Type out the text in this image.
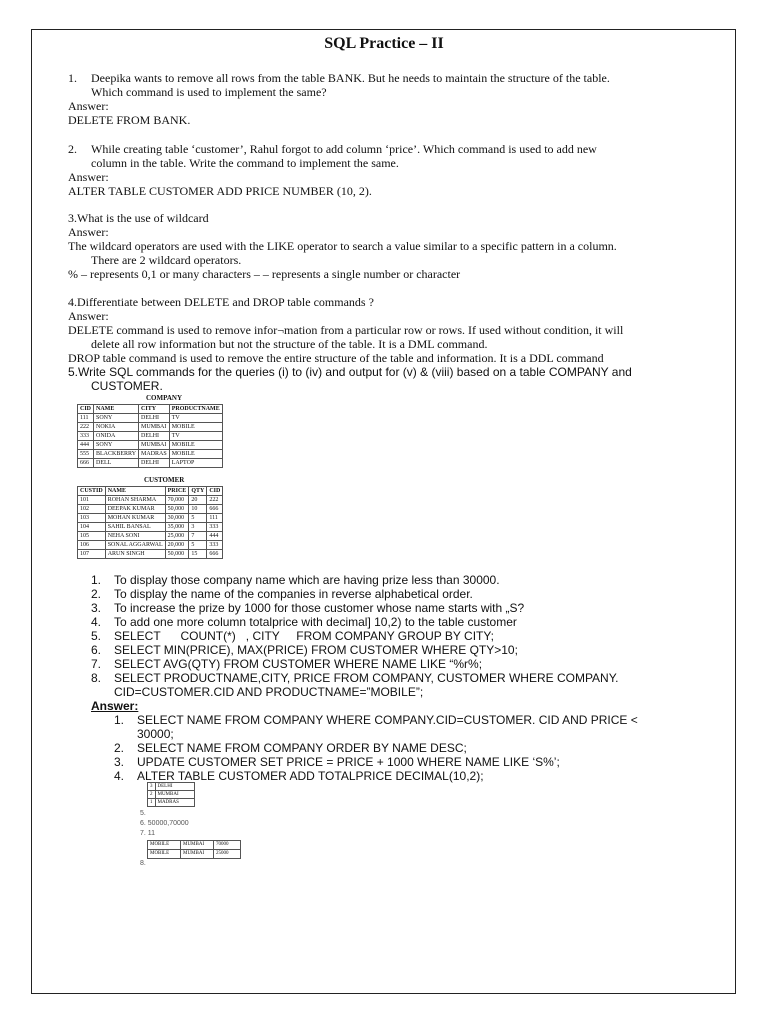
SQL Practice – II
1. Deepika wants to remove all rows from the table BANK. But he needs to maintain the structure of the table.
Which command is used to implement the same?
Answer:
DELETE FROM BANK.
2. While creating table ‘customer’, Rahul forgot to add column ‘price’. Which command is used to add new
column in the table. Write the command to implement the same.
Answer:
ALTER TABLE CUSTOMER ADD PRICE NUMBER (10, 2).
3.What is the use of wildcard
Answer:
The wildcard operators are used with the LIKE operator to search a value similar to a specific pattern in a column.
There are 2 wildcard operators.
% – represents 0,1 or many characters – – represents a single number or character
4.Differentiate between DELETE and DROP table commands ?
Answer:
DELETE command is used to remove infor¬mation from a particular row or rows. If used without condition, it will
delete all row information but not the structure of the table. It is a DML command.
DROP table command is used to remove the entire structure of the table and information. It is a DDL command
5.Write SQL commands for the queries (i) to (iv) and output for (v) & (viii) based on a table COMPANY and
CUSTOMER.
COMPANY
CID	NAME	CITY	PRODUCTNAME
111	SONY	DELHI	TV
222	NOKIA	MUMBAI	MOBILE
333	ONIDA	DELHI	TV
444	SONY	MUMBAI	MOBILE
555	BLACKBERRY	MADRAS	MOBILE
666	DELL	DELHI	LAPTOP
CUSTOMER
CUSTID	NAME	PRICE	QTY	CID
101	ROHAN SHARMA	70,000	20	222
102	DEEPAK KUMAR	50,000	10	666
103	MOHAN KUMAR	30,000	5	111
104	SAHIL BANSAL	35,000	3	333
105	NEHA SONI	25,000	7	444
106	SONAL AGGARWAL	20,000	5	333
107	ARUN SINGH	50,000	15	666
1. To display those company name which are having prize less than 30000.
2. To display the name of the companies in reverse alphabetical order.
3. To increase the prize by 1000 for those customer whose name starts with „S?
4. To add one more column totalprice with decimal] 10,2) to the table customer
5. SELECT      COUNT(*)   , CITY     FROM COMPANY GROUP BY CITY;
6. SELECT MIN(PRICE), MAX(PRICE) FROM CUSTOMER WHERE QTY>10;
7. SELECT AVG(QTY) FROM CUSTOMER WHERE NAME LIKE “%r%;
8. SELECT PRODUCTNAME,CITY, PRICE FROM COMPANY, CUSTOMER WHERE COMPANY.
CID=CUSTOMER.CID AND PRODUCTNAME=”MOBILE”;
Answer:
1. SELECT NAME FROM COMPANY WHERE COMPANY.CID=CUSTOMER. CID AND PRICE <
30000;
2. SELECT NAME FROM COMPANY ORDER BY NAME DESC;
3. UPDATE CUSTOMER SET PRICE = PRICE + 1000 WHERE NAME LIKE ‘S%’;
4. ALTER TABLE CUSTOMER ADD TOTALPRICE DECIMAL(10,2);
3	DELHI
2	MUMBAI
1	MADRAS
5.
6. 50000,70000
7. 11
MOBILE	MUMBAI	70000
MOBILE	MUMBAI	25000
8.
